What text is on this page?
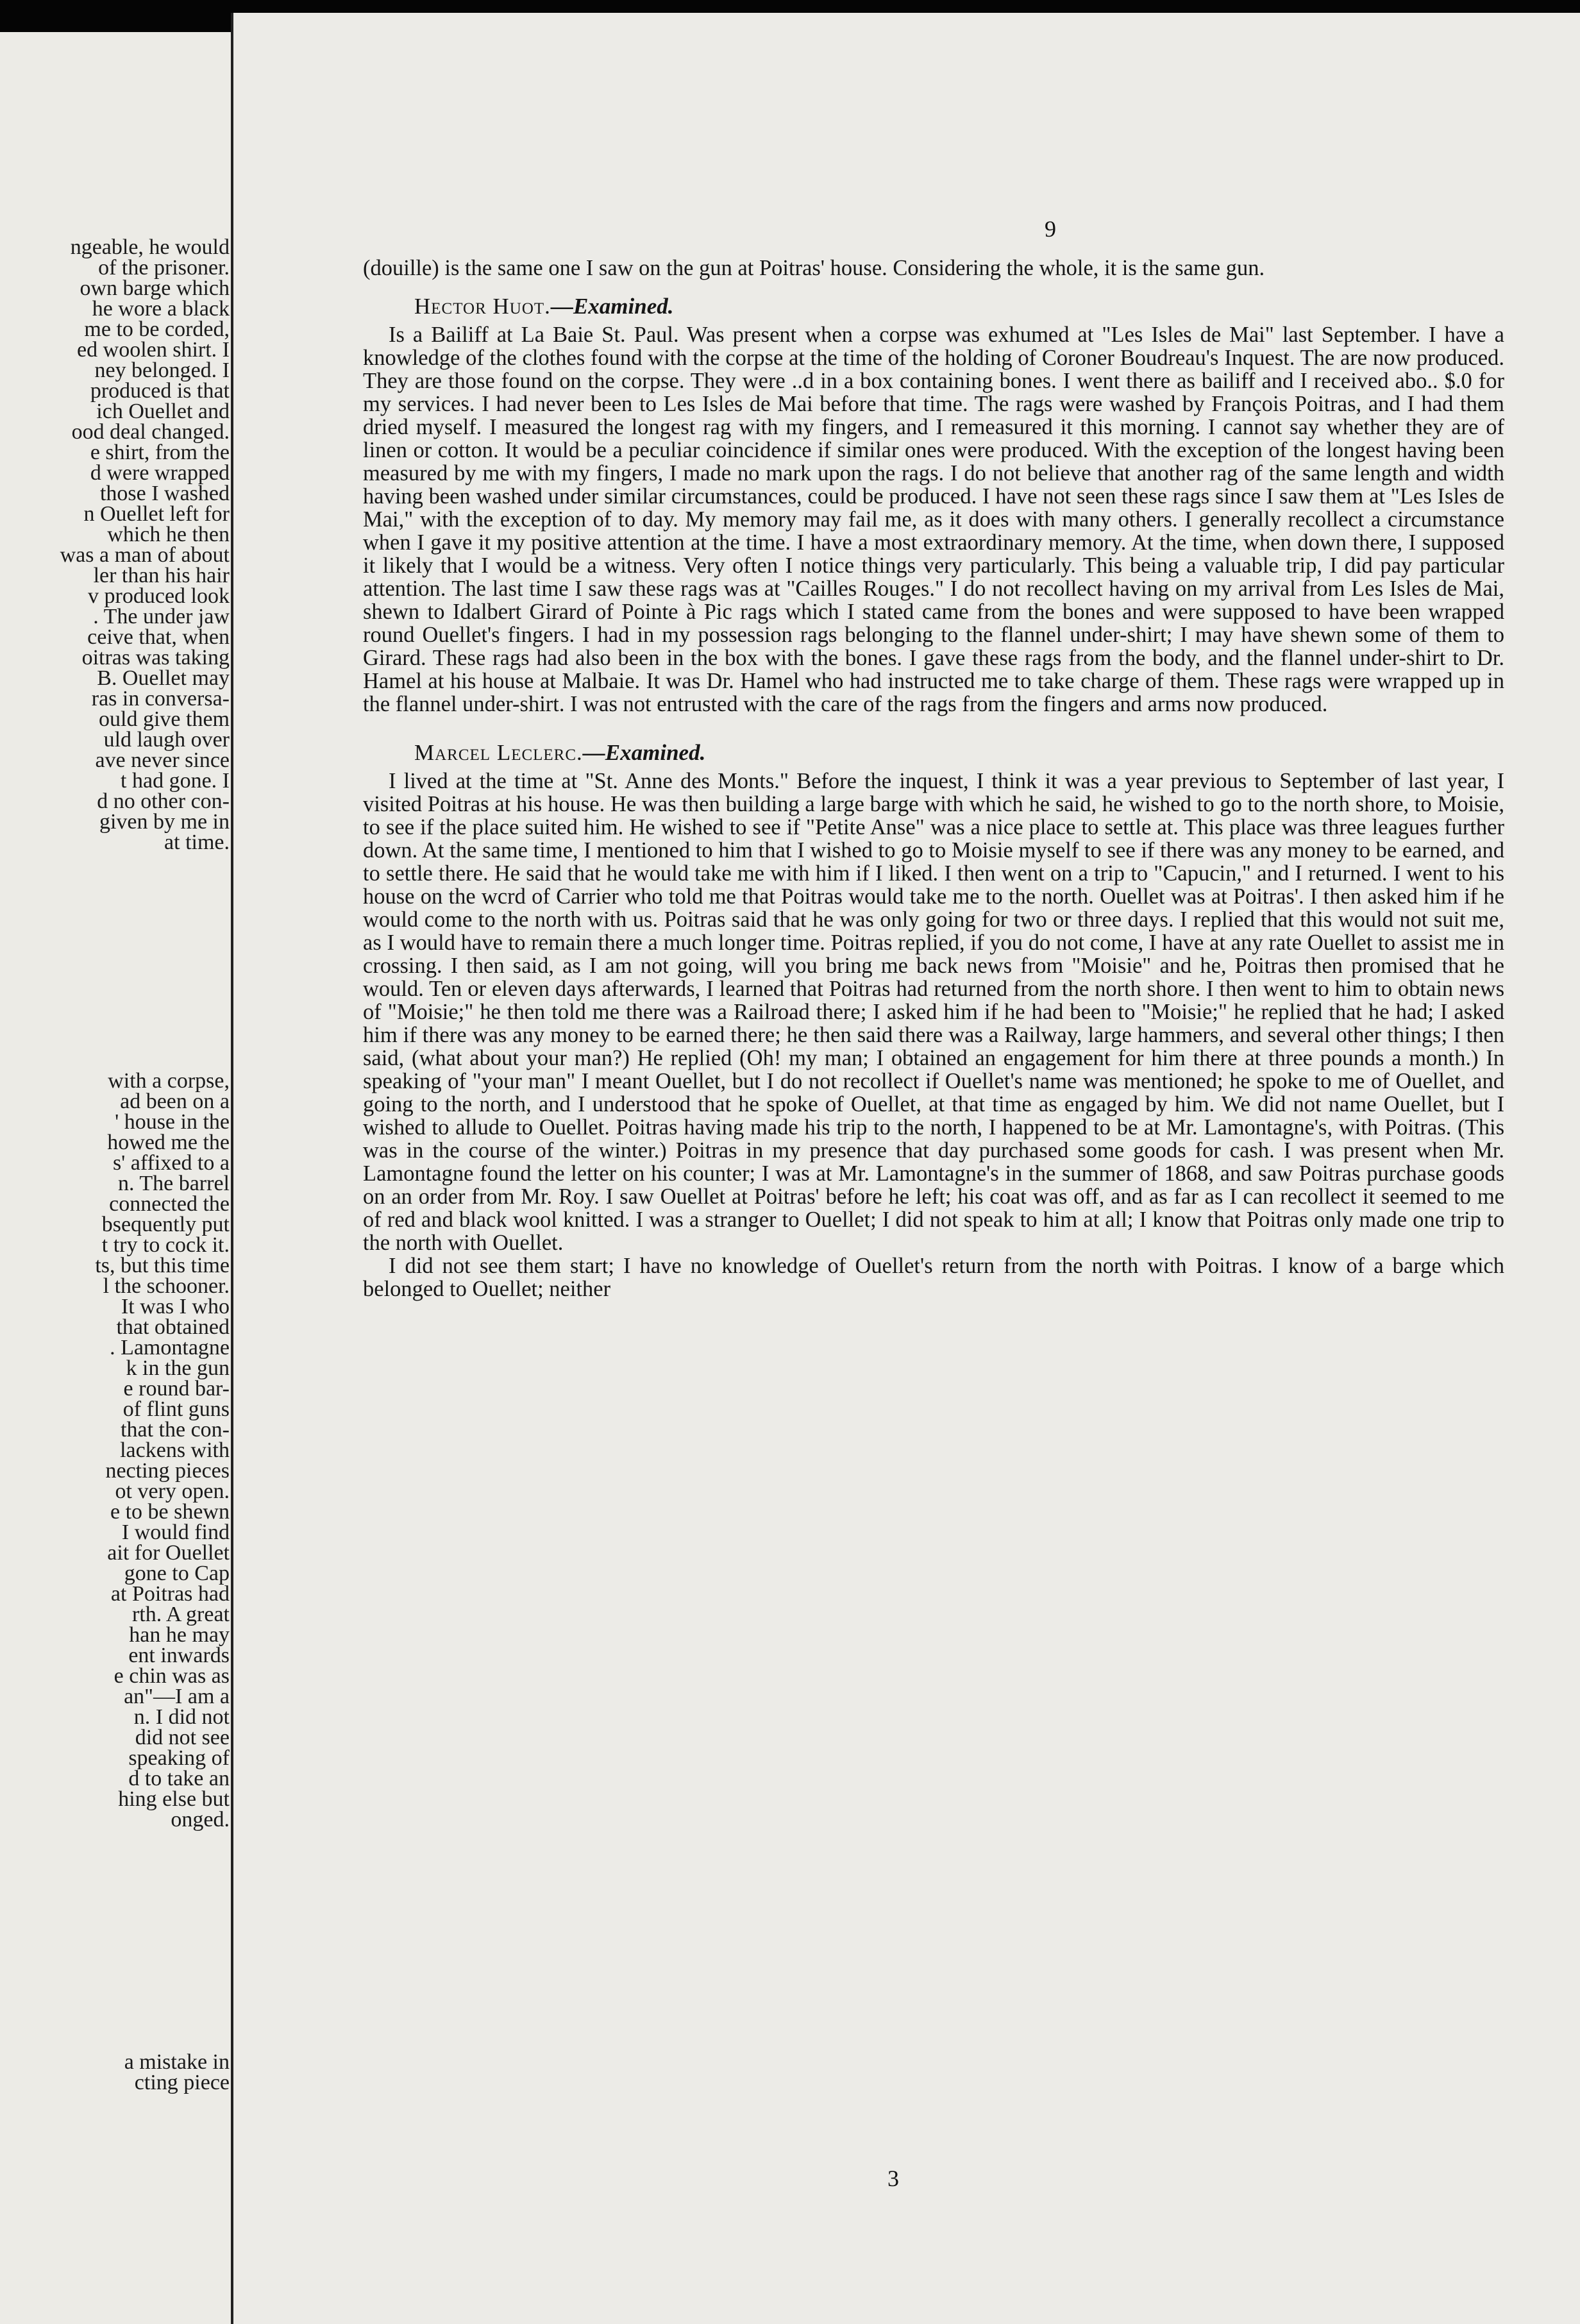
ngeable, he would
of the prisoner.
own barge which
he wore a black
me to be corded,
ed woolen shirt. I
ney belonged. I
produced is that
ich Ouellet and
ood deal changed.
e shirt, from the
d were wrapped
those I washed
n Ouellet left for
which he then
was a man of about
ler than his hair
v produced look
. The under jaw
ceive that, when
oitras was taking
B. Ouellet may
ras in conversa-
ould give them
uld laugh over
ave never since
t had gone. I
d no other con-
given by me in
at time.
with a corpse,
ad been on a
' house in the
howed me the
s' affixed to a
n. The barrel
connected the
bsequently put
t try to cock it.
ts, but this time
l the schooner.
It was I who
that obtained
. Lamontagne
k in the gun
e round bar-
of flint guns
that the con-
lackens with
necting pieces
ot very open.
e to be shewn
I would find
ait for Ouellet
gone to Cap
at Poitras had
rth. A great
han he may
ent inwards
e chin was as
an"—I am a
n. I did not
did not see
speaking of
d to take an
hing else but
onged.
a mistake in
cting piece
9

(douille) is the same one I saw on the gun at Poitras' house. Considering the whole, it is the same gun.

Hector Huot.—Examined.

Is a Bailiff at La Baie St. Paul. Was present when a corpse was exhumed at "Les Isles de Mai" last September. I have a knowledge of the clothes found with the corpse at the time of the holding of Coroner Boudreau's Inquest. The are now produced. They are those found on the corpse. They were ..d in a box containing bones. I went there as bailiff and I received abo.. $.0 for my services. I had never been to Les Isles de Mai before that time. The rags were washed by François Poitras, and I had them dried myself. I measured the longest rag with my fingers, and I remeasured it this morning. I cannot say whether they are of linen or cotton. It would be a peculiar coincidence if similar ones were produced. With the exception of the longest having been measured by me with my fingers, I made no mark upon the rags. I do not believe that another rag of the same length and width having been washed under similar circumstances, could be produced. I have not seen these rags since I saw them at "Les Isles de Mai," with the exception of to day. My memory may fail me, as it does with many others. I generally recollect a circumstance when I gave it my positive attention at the time. I have a most extraordinary memory. At the time, when down there, I supposed it likely that I would be a witness. Very often I notice things very particularly. This being a valuable trip, I did pay particular attention. The last time I saw these rags was at "Cailles Rouges." I do not recollect having on my arrival from Les Isles de Mai, shewn to Idalbert Girard of Pointe à Pic rags which I stated came from the bones and were supposed to have been wrapped round Ouellet's fingers. I had in my possession rags belonging to the flannel under-shirt; I may have shewn some of them to Girard. These rags had also been in the box with the bones. I gave these rags from the body, and the flannel under-shirt to Dr. Hamel at his house at Malbaie. It was Dr. Hamel who had instructed me to take charge of them. These rags were wrapped up in the flannel under-shirt. I was not entrusted with the care of the rags from the fingers and arms now produced.

Marcel Leclerc.—Examined.

I lived at the time at "St. Anne des Monts." Before the inquest, I think it was a year previous to September of last year, I visited Poitras at his house. He was then building a large barge with which he said, he wished to go to the north shore, to Moisie, to see if the place suited him. He wished to see if "Petite Anse" was a nice place to settle at. This place was three leagues further down. At the same time, I mentioned to him that I wished to go to Moisie myself to see if there was any money to be earned, and to settle there. He said that he would take me with him if I liked. I then went on a trip to "Capucin," and I returned. I went to his house on the wcrd of Carrier who told me that Poitras would take me to the north. Ouellet was at Poitras'. I then asked him if he would come to the north with us. Poitras said that he was only going for two or three days. I replied that this would not suit me, as I would have to remain there a much longer time. Poitras replied, if you do not come, I have at any rate Ouellet to assist me in crossing. I then said, as I am not going, will you bring me back news from "Moisie" and he, Poitras then promised that he would. Ten or eleven days afterwards, I learned that Poitras had returned from the north shore. I then went to him to obtain news of "Moisie;" he then told me there was a Railroad there; I asked him if he had been to "Moisie;" he replied that he had; I asked him if there was any money to be earned there; he then said there was a Railway, large hammers, and several other things; I then said, (what about your man?) He replied (Oh! my man; I obtained an engagement for him there at three pounds a month.) In speaking of "your man" I meant Ouellet, but I do not recollect if Ouellet's name was mentioned; he spoke to me of Ouellet, and going to the north, and I understood that he spoke of Ouellet, at that time as engaged by him. We did not name Ouellet, but I wished to allude to Ouellet. Poitras having made his trip to the north, I happened to be at Mr. Lamontagne's, with Poitras. (This was in the course of the winter.) Poitras in my presence that day purchased some goods for cash. I was present when Mr. Lamontagne found the letter on his counter; I was at Mr. Lamontagne's in the summer of 1868, and saw Poitras purchase goods on an order from Mr. Roy. I saw Ouellet at Poitras' before he left; his coat was off, and as far as I can recollect it seemed to me of red and black wool knitted. I was a stranger to Ouellet; I did not speak to him at all; I know that Poitras only made one trip to the north with Ouellet.

I did not see them start; I have no knowledge of Ouellet's return from the north with Poitras. I know of a barge which belonged to Ouellet; neither

3
